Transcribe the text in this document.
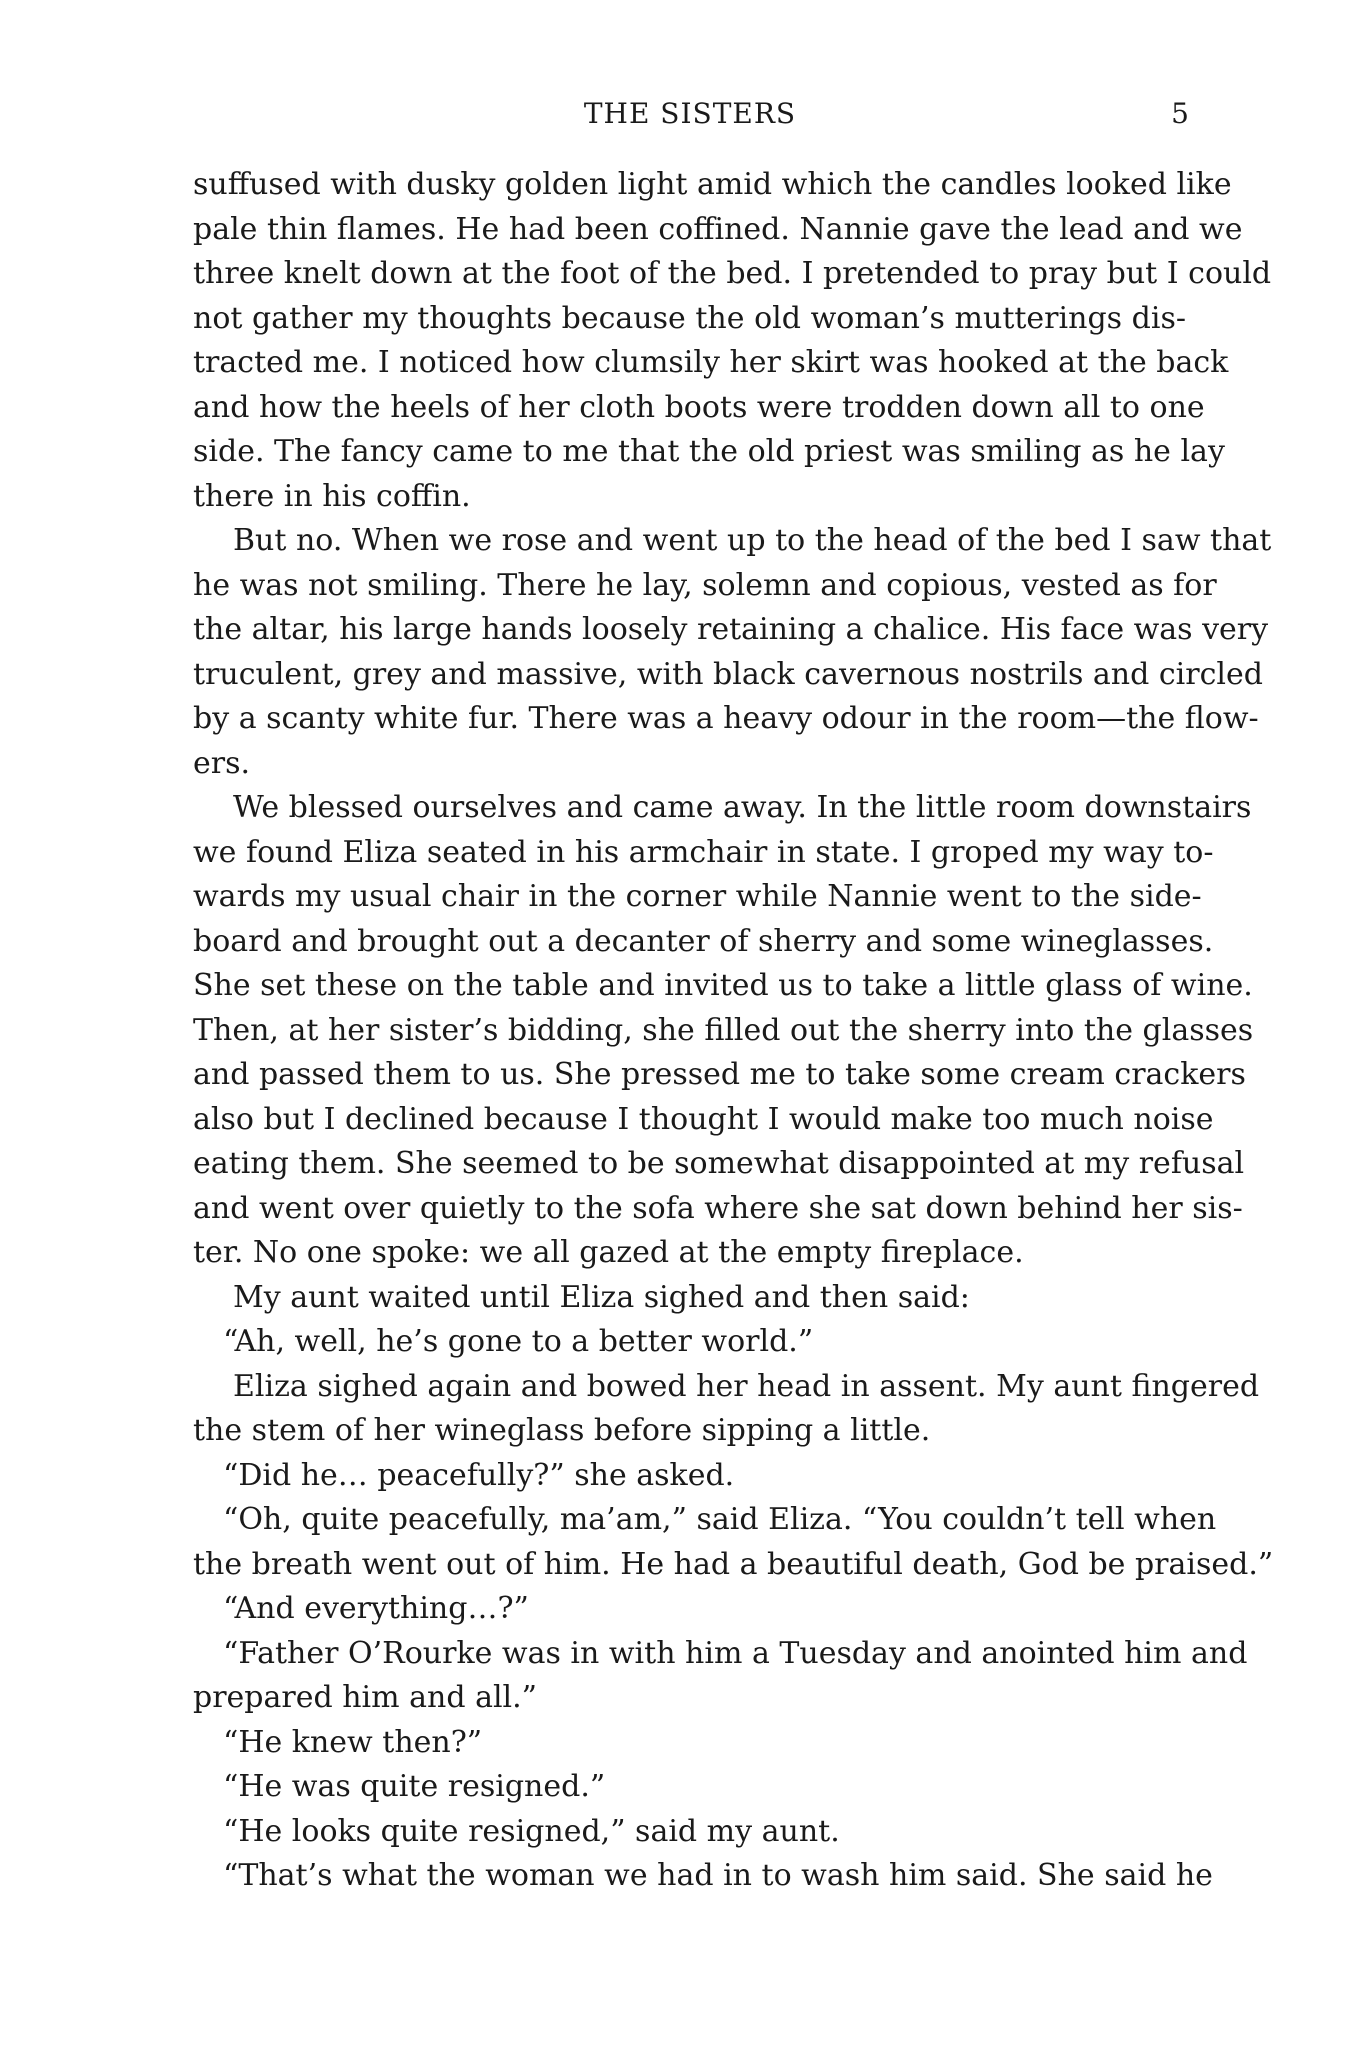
THE SISTERS	5
suffused with dusky golden light amid which the candles looked like
pale thin flames. He had been coffined. Nannie gave the lead and we
three knelt down at the foot of the bed. I pretended to pray but I could
not gather my thoughts because the old woman’s mutterings dis-
tracted me. I noticed how clumsily her skirt was hooked at the back
and how the heels of her cloth boots were trodden down all to one
side. The fancy came to me that the old priest was smiling as he lay
there in his coffin.
But no. When we rose and went up to the head of the bed I saw that
he was not smiling. There he lay, solemn and copious, vested as for
the altar, his large hands loosely retaining a chalice. His face was very
truculent, grey and massive, with black cavernous nostrils and circled
by a scanty white fur. There was a heavy odour in the room—the flow-
ers.
We blessed ourselves and came away. In the little room downstairs
we found Eliza seated in his armchair in state. I groped my way to-
wards my usual chair in the corner while Nannie went to the side-
board and brought out a decanter of sherry and some wineglasses.
She set these on the table and invited us to take a little glass of wine.
Then, at her sister’s bidding, she filled out the sherry into the glasses
and passed them to us. She pressed me to take some cream crackers
also but I declined because I thought I would make too much noise
eating them. She seemed to be somewhat disappointed at my refusal
and went over quietly to the sofa where she sat down behind her sis-
ter. No one spoke: we all gazed at the empty fireplace.
My aunt waited until Eliza sighed and then said:
“Ah, well, he’s gone to a better world.”
Eliza sighed again and bowed her head in assent. My aunt fingered
the stem of her wineglass before sipping a little.
“Did he… peacefully?” she asked.
“Oh, quite peacefully, ma’am,” said Eliza. “You couldn’t tell when
the breath went out of him. He had a beautiful death, God be praised.”
“And everything…?”
“Father O’Rourke was in with him a Tuesday and anointed him and
prepared him and all.”
“He knew then?”
“He was quite resigned.”
“He looks quite resigned,” said my aunt.
“That’s what the woman we had in to wash him said. She said he
